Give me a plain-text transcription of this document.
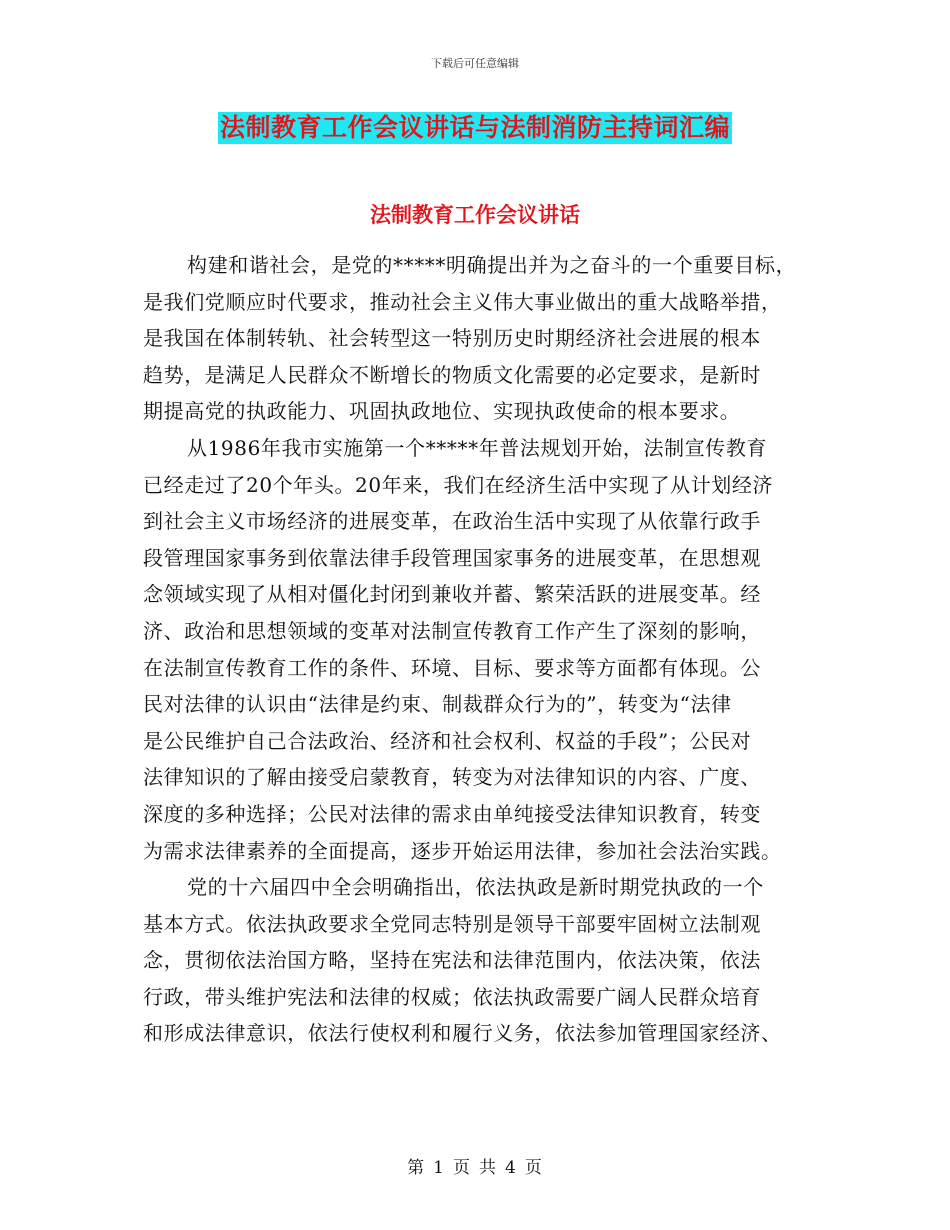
下载后可任意编辑
法制教育工作会议讲话与法制消防主持词汇编
法制教育工作会议讲话
构建和谐社会，是党的*****明确提出并为之奋斗的一个重要目标，
是我们党顺应时代要求，推动社会主义伟大事业做出的重大战略举措，
是我国在体制转轨、社会转型这一特别历史时期经济社会进展的根本
趋势，是满足人民群众不断增长的物质文化需要的必定要求，是新时
期提高党的执政能力、巩固执政地位、实现执政使命的根本要求。
从1986年我市实施第一个*****年普法规划开始，法制宣传教育
已经走过了20个年头。20年来，我们在经济生活中实现了从计划经济
到社会主义市场经济的进展变革，在政治生活中实现了从依靠行政手
段管理国家事务到依靠法律手段管理国家事务的进展变革，在思想观
念领域实现了从相对僵化封闭到兼收并蓄、繁荣活跃的进展变革。经
济、政治和思想领域的变革对法制宣传教育工作产生了深刻的影响，
在法制宣传教育工作的条件、环境、目标、要求等方面都有体现。公
民对法律的认识由“法律是约束、制裁群众行为的”，转变为“法律
是公民维护自己合法政治、经济和社会权利、权益的手段”；公民对
法律知识的了解由接受启蒙教育，转变为对法律知识的内容、广度、
深度的多种选择；公民对法律的需求由单纯接受法律知识教育，转变
为需求法律素养的全面提高，逐步开始运用法律，参加社会法治实践。
党的十六届四中全会明确指出，依法执政是新时期党执政的一个
基本方式。依法执政要求全党同志特别是领导干部要牢固树立法制观
念，贯彻依法治国方略，坚持在宪法和法律范围内，依法决策，依法
行政，带头维护宪法和法律的权威；依法执政需要广阔人民群众培育
和形成法律意识，依法行使权利和履行义务，依法参加管理国家经济、
第 1 页 共 4 页
